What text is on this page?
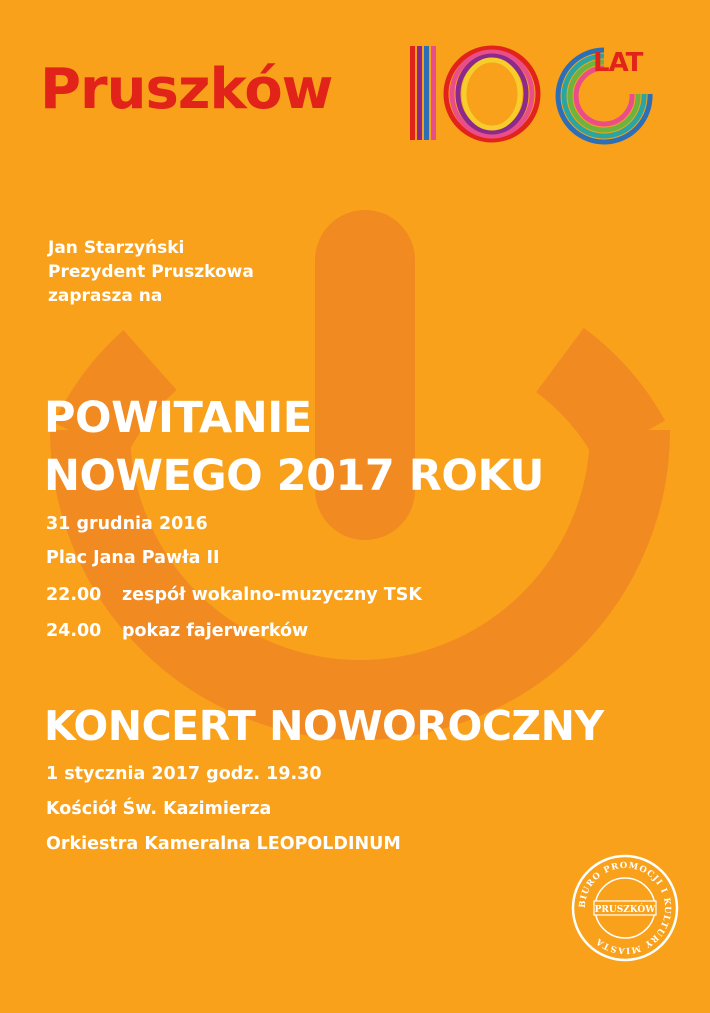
Pruszków	LAT
Jan Starzyński
Prezydent Pruszkowa
zaprasza na
POWITANIE
NOWEGO 2017 ROKU
31 grudnia 2016
Plac Jana Pawła II
22.00 zespół wokalno-muzyczny TSK
24.00 pokaz fajerwerków
KONCERT NOWOROCZNY
1 stycznia 2017 godz. 19.30
Kościół Św. Kazimierza
Orkiestra Kameralna LEOPOLDINUM
BIURO PROMOCJI I KULTURY MIASTA
PRUSZKÓW
